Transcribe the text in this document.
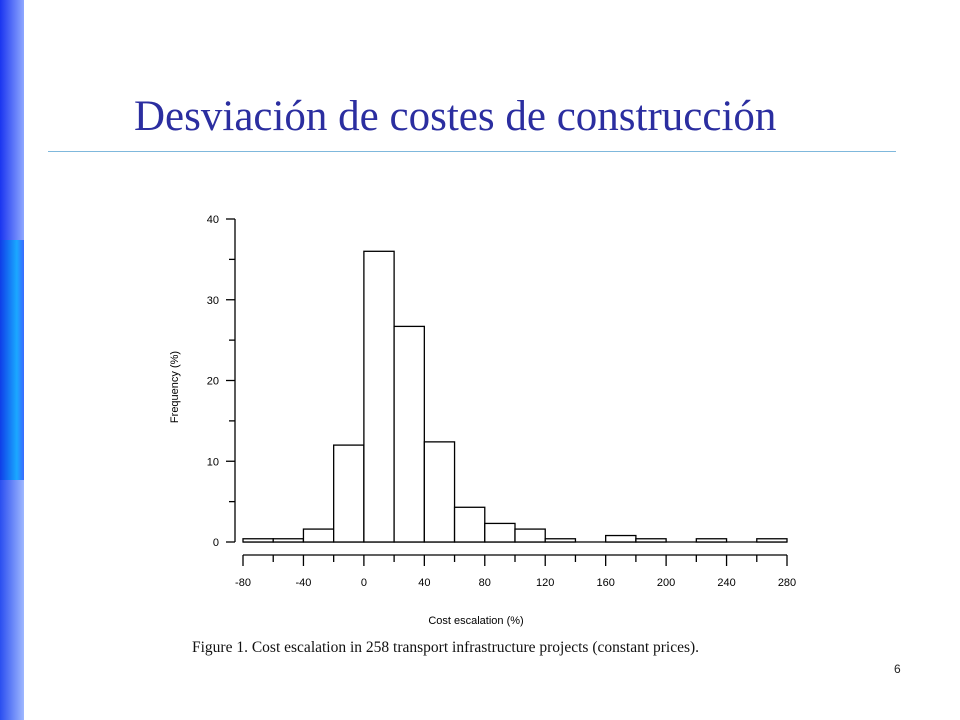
Desviación de costes de construcción
0
10
20
30
40
-80	-40	0	40	80	120	160	200	240	280
Frequency (%)
Cost escalation (%)
Figure 1. Cost escalation in 258 transport infrastructure projects (constant prices).
6
